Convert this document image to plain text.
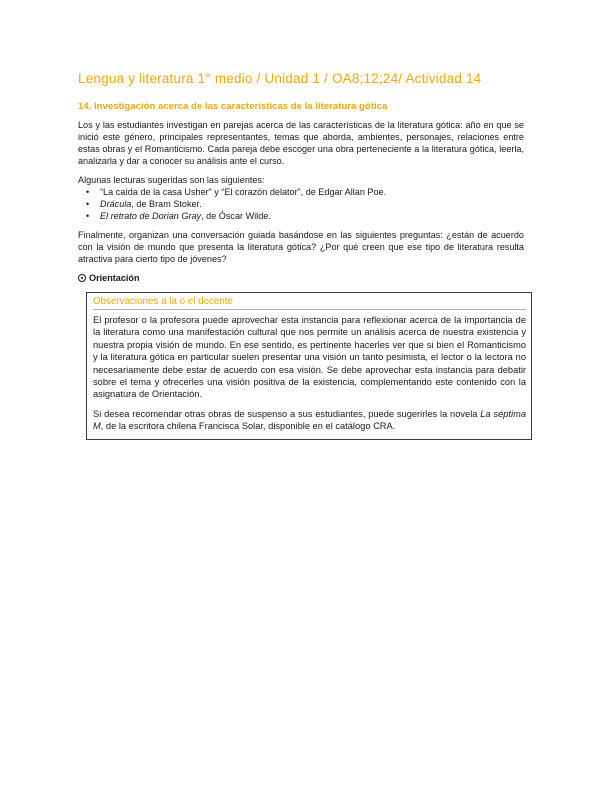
Lengua y literatura 1° medio / Unidad 1 / OA8;12;24/ Actividad 14
14. Investigación acerca de las características de la literatura gótica

Los y las estudiantes investigan en parejas acerca de las características de la literatura gótica: año en que se inició este género, principales representantes, temas que aborda, ambientes, personajes, relaciones entre estas obras y el Romanticismo. Cada pareja debe escoger una obra perteneciente a la literatura gótica, leerla, analizarla y dar a conocer su análisis ante el curso.

Algunas lecturas sugeridas son las siguientes:

• “La caída de la casa Usher” y “El corazón delator”, de Edgar Allan Poe.
• Drácula, de Bram Stoker.
• El retrato de Dorian Gray, de Óscar Wilde.

Finalmente, organizan una conversación guiada basándose en las siguientes preguntas: ¿están de acuerdo con la visión de mundo que presenta la literatura gótica? ¿Por qué creen que ese tipo de literatura resulta atractiva para cierto tipo de jóvenes?

Orientación
Observaciones a la o el docente

El profesor o la profesora puede aprovechar esta instancia para reflexionar acerca de la importancia de la literatura como una manifestación cultural que nos permite un análisis acerca de nuestra existencia y nuestra propia visión de mundo. En ese sentido, es pertinente hacerles ver que si bien el Romanticismo y la literatura gótica en particular suelen presentar una visión un tanto pesimista, el lector o la lectora no necesariamente debe estar de acuerdo con esa visión. Se debe aprovechar esta instancia para debatir sobre el tema y ofrecerles una visión positiva de la existencia, complementando este contenido con la asignatura de Orientación.

Si desea recomendar otras obras de suspenso a sus estudiantes, puede sugerirles la novela La séptima M, de la escritora chilena Francisca Solar, disponible en el catálogo CRA.
